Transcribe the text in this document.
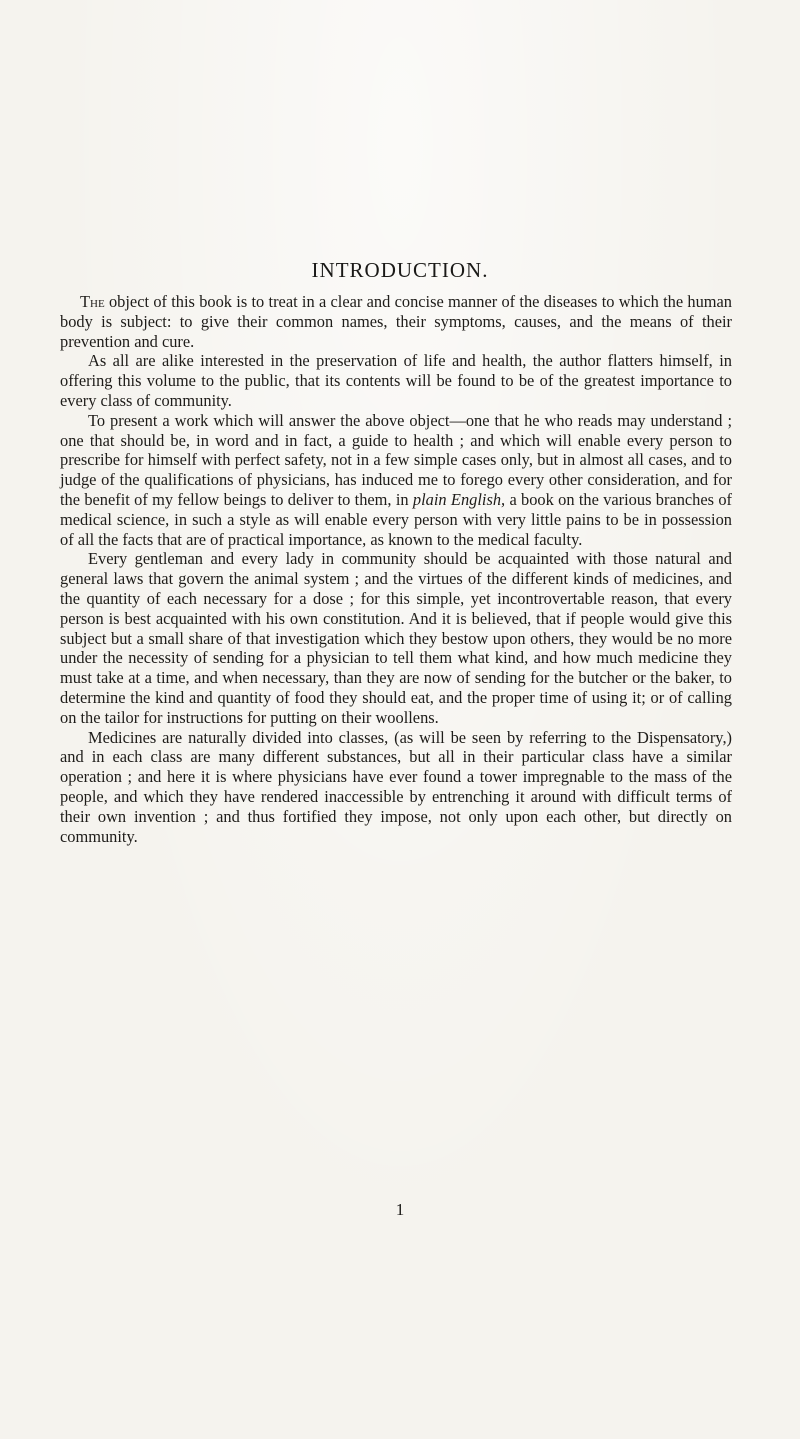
INTRODUCTION.

The object of this book is to treat in a clear and concise manner of the diseases to which the human body is subject: to give their common names, their symptoms, causes, and the means of their prevention and cure.

As all are alike interested in the preservation of life and health, the author flatters himself, in offering this volume to the public, that its contents will be found to be of the greatest importance to every class of community.

To present a work which will answer the above object—one that he who reads may understand ; one that should be, in word and in fact, a guide to health ; and which will enable every person to prescribe for himself with perfect safety, not in a few simple cases only, but in almost all cases, and to judge of the qualifications of physicians, has induced me to forego every other consideration, and for the benefit of my fellow beings to deliver to them, in plain English, a book on the various branches of medical science, in such a style as will enable every person with very little pains to be in possession of all the facts that are of practical importance, as known to the medical faculty.

Every gentleman and every lady in community should be acquainted with those natural and general laws that govern the animal system ; and the virtues of the different kinds of medicines, and the quantity of each necessary for a dose ; for this simple, yet incontrovertable reason, that every person is best acquainted with his own constitution. And it is believed, that if people would give this subject but a small share of that investigation which they bestow upon others, they would be no more under the necessity of sending for a physician to tell them what kind, and how much medicine they must take at a time, and when necessary, than they are now of sending for the butcher or the baker, to determine the kind and quantity of food they should eat, and the proper time of using it; or of calling on the tailor for instructions for putting on their woollens.

Medicines are naturally divided into classes, (as will be seen by referring to the Dispensatory,) and in each class are many different substances, but all in their particular class have a similar operation ; and here it is where physicians have ever found a tower impregnable to the mass of the people, and which they have rendered inaccessible by entrenching it around with difficult terms of their own invention ; and thus fortified they impose, not only upon each other, but directly on community.

1
